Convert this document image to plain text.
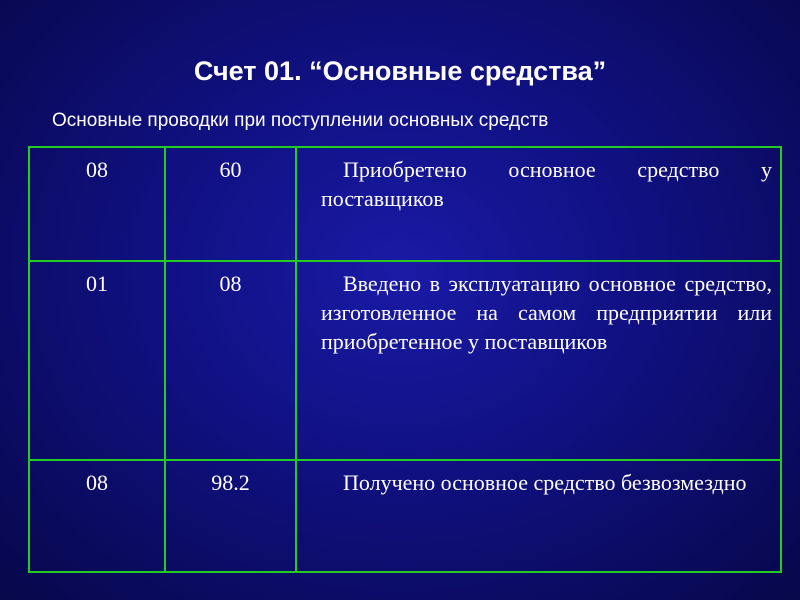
Счет 01. “Основные средства”
Основные проводки при поступлении основных средств
08	60	Приобретено основное средство у поставщиков
01	08	Введено в эксплуатацию основное средство, изготовленное на самом предприятии или приобретенное у поставщиков
08	98.2	Получено основное средство безвозмездно
